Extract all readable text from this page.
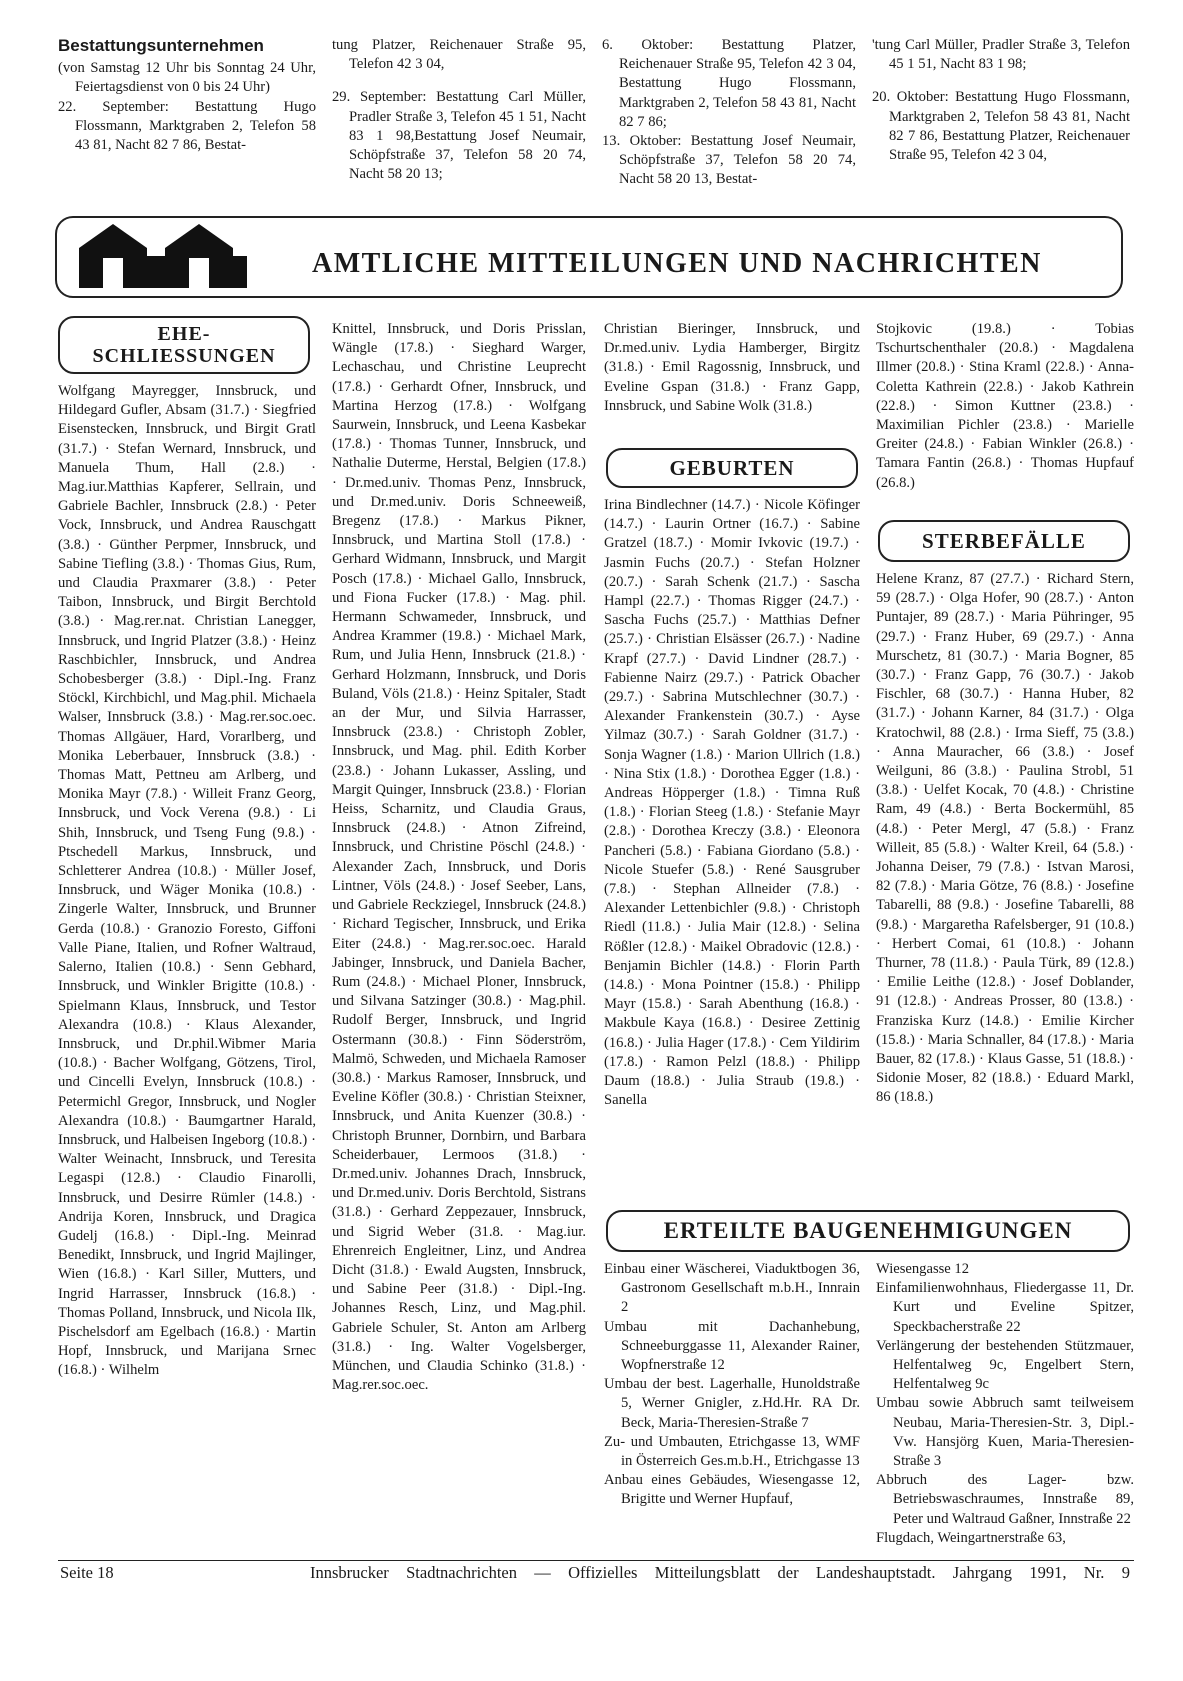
Bestattungsunternehmen

(von Samstag 12 Uhr bis Sonntag 24 Uhr, Feiertagsdienst von 0 bis 24 Uhr)

22. September: Bestattung Hugo Flossmann, Marktgraben 2, Telefon 58 43 81, Nacht 82 7 86, Bestat-

tung Platzer, Reichenauer Straße 95, Telefon 42 3 04,

29. September: Bestattung Carl Müller, Pradler Straße 3, Telefon 45 1 51, Nacht 83 1 98,Bestattung Josef Neumair, Schöpfstraße 37, Telefon 58 20 74, Nacht 58 20 13;

6. Oktober: Bestattung Platzer, Reichenauer Straße 95, Telefon 42 3 04, Bestattung Hugo Flossmann, Marktgraben 2, Telefon 58 43 81, Nacht 82 7 86;

13. Oktober: Bestattung Josef Neumair, Schöpfstraße 37, Telefon 58 20 74, Nacht 58 20 13, Bestat-

'tung Carl Müller, Pradler Straße 3, Telefon 45 1 51, Nacht 83 1 98;

20. Oktober: Bestattung Hugo Flossmann, Marktgraben 2, Telefon 58 43 81, Nacht 82 7 86, Bestattung Platzer, Reichenauer Straße 95, Telefon 42 3 04,

AMTLICHE MITTEILUNGEN UND NACHRICHTEN
EHE-
SCHLIESSUNGEN
GEBURTEN
STERBEFÄLLE
ERTEILTE BAUGENEHMIGUNGEN

Wolfgang Mayregger, Innsbruck, und Hildegard Gufler, Absam (31.7.) · Siegfried Eisenstecken, Innsbruck, und Birgit Gratl (31.7.) · Stefan Wernard, Innsbruck, und Manuela Thum, Hall (2.8.) · Mag.iur.Matthias Kapferer, Sellrain, und Gabriele Bachler, Innsbruck (2.8.) · Peter Vock, Innsbruck, und Andrea Rauschgatt (3.8.) · Günther Perpmer, Innsbruck, und Sabine Tiefling (3.8.) · Thomas Gius, Rum, und Claudia Praxmarer (3.8.) · Peter Taibon, Innsbruck, und Birgit Berchtold (3.8.) · Mag.rer.nat. Christian Lanegger, Innsbruck, und Ingrid Platzer (3.8.) · Heinz Raschbichler, Innsbruck, und Andrea Schobesberger (3.8.) · Dipl.-Ing. Franz Stöckl, Kirchbichl, und Mag.phil. Michaela Walser, Innsbruck (3.8.) · Mag.rer.soc.oec. Thomas Allgäuer, Hard, Vorarlberg, und Monika Leberbauer, Innsbruck (3.8.) · Thomas Matt, Pettneu am Arlberg, und Monika Mayr (7.8.) · Willeit Franz Georg, Innsbruck, und Vock Verena (9.8.) · Li Shih, Innsbruck, und Tseng Fung (9.8.) · Ptschedell Markus, Innsbruck, und Schletterer Andrea (10.8.) · Müller Josef, Innsbruck, und Wäger Monika (10.8.) · Zingerle Walter, Innsbruck, und Brunner Gerda (10.8.) · Granozio Foresto, Giffoni Valle Piane, Italien, und Rofner Waltraud, Salerno, Italien (10.8.) · Senn Gebhard, Innsbruck, und Winkler Brigitte (10.8.) · Spielmann Klaus, Innsbruck, und Testor Alexandra (10.8.) · Klaus Alexander, Innsbruck, und Dr.phil.Wibmer Maria (10.8.) · Bacher Wolfgang, Götzens, Tirol, und Cincelli Evelyn, Innsbruck (10.8.) · Petermichl Gregor, Innsbruck, und Nogler Alexandra (10.8.) · Baumgartner Harald, Innsbruck, und Halbeisen Ingeborg (10.8.) · Walter Weinacht, Innsbruck, und Teresita Legaspi (12.8.) · Claudio Finarolli, Innsbruck, und Desirre Rümler (14.8.) · Andrija Koren, Innsbruck, und Dragica Gudelj (16.8.) · Dipl.-Ing. Meinrad Benedikt, Innsbruck, und Ingrid Majlinger, Wien (16.8.) · Karl Siller, Mutters, und Ingrid Harrasser, Innsbruck (16.8.) · Thomas Polland, Innsbruck, und Nicola Ilk, Pischelsdorf am Egelbach (16.8.) · Martin Hopf, Innsbruck, und Marijana Srnec (16.8.) · Wilhelm

Knittel, Innsbruck, und Doris Prisslan, Wängle (17.8.) · Sieghard Warger, Lechaschau, und Christine Leuprecht (17.8.) · Gerhardt Ofner, Innsbruck, und Martina Herzog (17.8.) · Wolfgang Saurwein, Innsbruck, und Leena Kasbekar (17.8.) · Thomas Tunner, Innsbruck, und Nathalie Duterme, Herstal, Belgien (17.8.) · Dr.med.univ. Thomas Penz, Innsbruck, und Dr.med.univ. Doris Schneeweiß, Bregenz (17.8.) · Markus Pikner, Innsbruck, und Martina Stoll (17.8.) · Gerhard Widmann, Innsbruck, und Margit Posch (17.8.) · Michael Gallo, Innsbruck, und Fiona Fucker (17.8.) · Mag. phil. Hermann Schwameder, Innsbruck, und Andrea Krammer (19.8.) · Michael Mark, Rum, und Julia Henn, Innsbruck (21.8.) · Gerhard Holzmann, Innsbruck, und Doris Buland, Völs (21.8.) · Heinz Spitaler, Stadt an der Mur, und Silvia Harrasser, Innsbruck (23.8.) · Christoph Zobler, Innsbruck, und Mag. phil. Edith Korber (23.8.) · Johann Lukasser, Assling, und Margit Quinger, Innsbruck (23.8.) · Florian Heiss, Scharnitz, und Claudia Graus, Innsbruck (24.8.) · Atnon Zifreind, Innsbruck, und Christine Pöschl (24.8.) · Alexander Zach, Innsbruck, und Doris Lintner, Völs (24.8.) · Josef Seeber, Lans, und Gabriele Reckziegel, Innsbruck (24.8.) · Richard Tegischer, Innsbruck, und Erika Eiter (24.8.) · Mag.rer.soc.oec. Harald Jabinger, Innsbruck, und Daniela Bacher, Rum (24.8.) · Michael Ploner, Innsbruck, und Silvana Satzinger (30.8.) · Mag.phil. Rudolf Berger, Innsbruck, und Ingrid Ostermann (30.8.) · Finn Söderström, Malmö, Schweden, und Michaela Ramoser (30.8.) · Markus Ramoser, Innsbruck, und Eveline Köfler (30.8.) · Christian Steixner, Innsbruck, und Anita Kuenzer (30.8.) · Christoph Brunner, Dornbirn, und Barbara Scheiderbauer, Lermoos (31.8.) · Dr.med.univ. Johannes Drach, Innsbruck, und Dr.med.univ. Doris Berchtold, Sistrans (31.8.) · Gerhard Zeppezauer, Innsbruck, und Sigrid Weber (31.8. · Mag.iur. Ehrenreich Engleitner, Linz, und Andrea Dicht (31.8.) · Ewald Augsten, Innsbruck, und Sabine Peer (31.8.) · Dipl.-Ing. Johannes Resch, Linz, und Mag.phil. Gabriele Schuler, St. Anton am Arlberg (31.8.) · Ing. Walter Vogelsberger, München, und Claudia Schinko (31.8.) · Mag.rer.soc.oec.

Christian Bieringer, Innsbruck, und Dr.med.univ. Lydia Hamberger, Birgitz (31.8.) · Emil Ragossnig, Innsbruck, und Eveline Gspan (31.8.) · Franz Gapp, Innsbruck, und Sabine Wolk (31.8.)

Irina Bindlechner (14.7.) · Nicole Köfinger (14.7.) · Laurin Ortner (16.7.) · Sabine Gratzel (18.7.) · Momir Ivkovic (19.7.) · Jasmin Fuchs (20.7.) · Stefan Holzner (20.7.) · Sarah Schenk (21.7.) · Sascha Hampl (22.7.) · Thomas Rigger (24.7.) · Sascha Fuchs (25.7.) · Matthias Defner (25.7.) · Christian Elsässer (26.7.) · Nadine Krapf (27.7.) · David Lindner (28.7.) · Fabienne Nairz (29.7.) · Patrick Obacher (29.7.) · Sabrina Mutschlechner (30.7.) · Alexander Frankenstein (30.7.) · Ayse Yilmaz (30.7.) · Sarah Goldner (31.7.) · Sonja Wagner (1.8.) · Marion Ullrich (1.8.) · Nina Stix (1.8.) · Dorothea Egger (1.8.) · Andreas Höpperger (1.8.) · Timna Ruß (1.8.) · Florian Steeg (1.8.) · Stefanie Mayr (2.8.) · Dorothea Kreczy (3.8.) · Eleonora Pancheri (5.8.) · Fabiana Giordano (5.8.) · Nicole Stuefer (5.8.) · René Sausgruber (7.8.) · Stephan Allneider (7.8.) · Alexander Lettenbichler (9.8.) · Christoph Riedl (11.8.) · Julia Mair (12.8.) · Selina Rößler (12.8.) · Maikel Obradovic (12.8.) · Benjamin Bichler (14.8.) · Florin Parth (14.8.) · Mona Pointner (15.8.) · Philipp Mayr (15.8.) · Sarah Abenthung (16.8.) · Makbule Kaya (16.8.) · Desiree Zettinig (16.8.) · Julia Hager (17.8.) · Cem Yildirim (17.8.) · Ramon Pelzl (18.8.) · Philipp Daum (18.8.) · Julia Straub (19.8.) · Sanella

Stojkovic (19.8.) · Tobias Tschurtschenthaler (20.8.) · Magdalena Illmer (20.8.) · Stina Kraml (22.8.) · Anna-Coletta Kathrein (22.8.) · Jakob Kathrein (22.8.) · Simon Kuttner (23.8.) · Maximilian Pichler (23.8.) · Marielle Greiter (24.8.) · Fabian Winkler (26.8.) · Tamara Fantin (26.8.) · Thomas Hupfauf (26.8.)

Helene Kranz, 87 (27.7.) · Richard Stern, 59 (28.7.) · Olga Hofer, 90 (28.7.) · Anton Puntajer, 89 (28.7.) · Maria Pühringer, 95 (29.7.) · Franz Huber, 69 (29.7.) · Anna Murschetz, 81 (30.7.) · Maria Bogner, 85 (30.7.) · Franz Gapp, 76 (30.7.) · Jakob Fischler, 68 (30.7.) · Hanna Huber, 82 (31.7.) · Johann Karner, 84 (31.7.) · Olga Kratochwil, 88 (2.8.) · Irma Sieff, 75 (3.8.) · Anna Mauracher, 66 (3.8.) · Josef Weilguni, 86 (3.8.) · Paulina Strobl, 51 (3.8.) · Uelfet Kocak, 70 (4.8.) · Christine Ram, 49 (4.8.) · Berta Bockermühl, 85 (4.8.) · Peter Mergl, 47 (5.8.) · Franz Willeit, 85 (5.8.) · Walter Kreil, 64 (5.8.) · Johanna Deiser, 79 (7.8.) · Istvan Marosi, 82 (7.8.) · Maria Götze, 76 (8.8.) · Josefine Tabarelli, 88 (9.8.) · Josefine Tabarelli, 88 (9.8.) · Margaretha Rafelsberger, 91 (10.8.) · Herbert Comai, 61 (10.8.) · Johann Thurner, 78 (11.8.) · Paula Türk, 89 (12.8.) · Emilie Leithe (12.8.) · Josef Doblander, 91 (12.8.) · Andreas Prosser, 80 (13.8.) · Franziska Kurz (14.8.) · Emilie Kircher (15.8.) · Maria Schnaller, 84 (17.8.) · Maria Bauer, 82 (17.8.) · Klaus Gasse, 51 (18.8.) · Sidonie Moser, 82 (18.8.) · Eduard Markl, 86 (18.8.)

Einbau einer Wäscherei, Viaduktbogen 36, Gastronom Gesellschaft m.b.H., Innrain 2

Umbau mit Dachanhebung, Schneeburggasse 11, Alexander Rainer, Wopfnerstraße 12

Umbau der best. Lagerhalle, Hunoldstraße 5, Werner Gnigler, z.Hd.Hr. RA Dr. Beck, Maria-Theresien-Straße 7

Zu- und Umbauten, Etrichgasse 13, WMF in Österreich Ges.m.b.H., Etrichgasse 13

Anbau eines Gebäudes, Wiesengasse 12, Brigitte und Werner Hupfauf,

Wiesengasse 12

Einfamilienwohnhaus, Fliedergasse 11, Dr. Kurt und Eveline Spitzer, Speckbacherstraße 22

Verlängerung der bestehenden Stützmauer, Helfentalweg 9c, Engelbert Stern, Helfentalweg 9c

Umbau sowie Abbruch samt teilweisem Neubau, Maria-Theresien-Str. 3, Dipl.-Vw. Hansjörg Kuen, Maria-Theresien-Straße 3

Abbruch des Lager- bzw. Betriebswaschraumes, Innstraße 89, Peter und Waltraud Gaßner, Innstraße 22

Flugdach, Weingartnerstraße 63,

Seite 18	Innsbrucker Stadtnachrichten — Offizielles Mitteilungsblatt der Landeshauptstadt. Jahrgang 1991, Nr. 9
